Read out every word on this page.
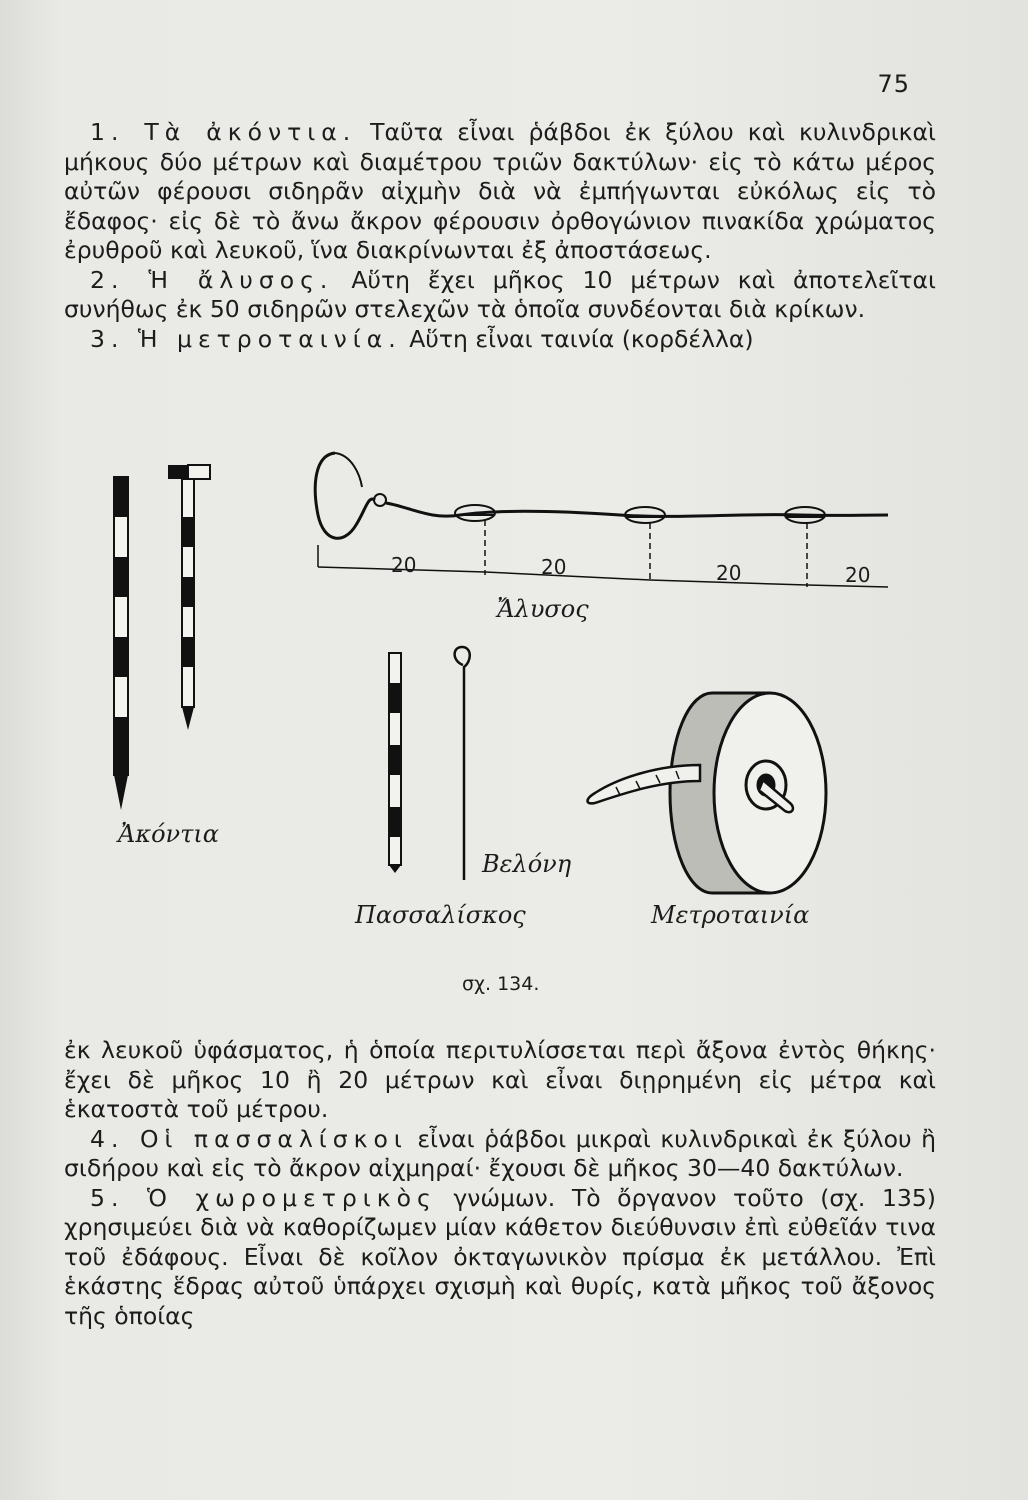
75

1. Τὰ ἀκόντια. Ταῦτα εἶναι ῥάβδοι ἐκ ξύλου καὶ κυλινδρικαὶ μήκους δύο μέτρων καὶ διαμέτρου τριῶν δακτύλων· εἰς τὸ κάτω μέρος αὐτῶν φέρουσι σιδηρᾶν αἰχμὴν διὰ νὰ ἐμπήγωνται εὐκόλως εἰς τὸ ἔδαφος· εἰς δὲ τὸ ἄνω ἄκρον φέρουσιν ὀρθογώνιον πινακίδα χρώματος ἐρυθροῦ καὶ λευκοῦ, ἵνα διακρίνωνται ἐξ ἀποστάσεως.

2. Ἡ ἄλυσος. Αὕτη ἔχει μῆκος 10 μέτρων καὶ ἀποτελεῖται συνήθως ἐκ 50 σιδηρῶν στελεχῶν τὰ ὁποῖα συνδέονται διὰ κρίκων.

3. Ἡ μετροταινία. Αὕτη εἶναι ταινία (κορδέλλα)

20	20	20	20
Ἄλυσος
Ἀκόντια
Βελόνη
Πασσαλίσκος	Μετροταινία
σχ. 134.

ἐκ λευκοῦ ὑφάσματος, ἡ ὁποία περιτυλίσσεται περὶ ἄξονα ἐντὸς θήκης· ἔχει δὲ μῆκος 10 ἢ 20 μέτρων καὶ εἶναι διῃρημένη εἰς μέτρα καὶ ἑκατοστὰ τοῦ μέτρου.

4. Οἱ πασσαλίσκοι εἶναι ῥάβδοι μικραὶ κυλινδρικαὶ ἐκ ξύλου ἢ σιδήρου καὶ εἰς τὸ ἄκρον αἰχμηραί· ἔχουσι δὲ μῆκος 30—40 δακτύλων.

5. Ὁ χωρομετρικὸς γνώμων. Τὸ ὄργανον τοῦτο (σχ. 135) χρησιμεύει διὰ νὰ καθορίζωμεν μίαν κάθετον διεύθυνσιν ἐπὶ εὐθεῖάν τινα τοῦ ἐδάφους. Εἶναι δὲ κοῖλον ὀκταγωνικὸν πρίσμα ἐκ μετάλλου. Ἐπὶ ἑκάστης ἕδρας αὐτοῦ ὑπάρχει σχισμὴ καὶ θυρίς, κατὰ μῆκος τοῦ ἄξονος τῆς ὁποίας
